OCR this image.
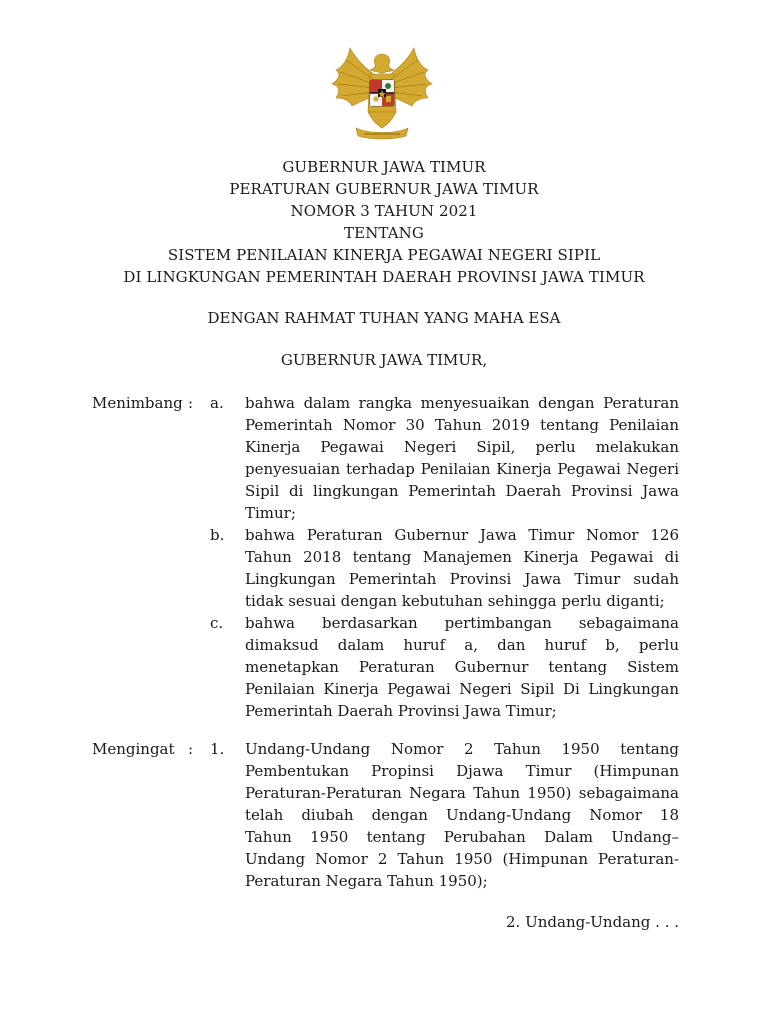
GUBERNUR JAWA TIMUR
PERATURAN GUBERNUR JAWA TIMUR
NOMOR 3 TAHUN 2021
TENTANG
SISTEM PENILAIAN KINERJA PEGAWAI NEGERI SIPIL
DI LINGKUNGAN PEMERINTAH DAERAH PROVINSI JAWA TIMUR
DENGAN RAHMAT TUHAN YANG MAHA ESA
GUBERNUR JAWA TIMUR,
Menimbang : a. bahwa dalam rangka menyesuaikan dengan Peraturan
Pemerintah Nomor 30 Tahun 2019 tentang Penilaian
Kinerja Pegawai Negeri Sipil, perlu melakukan
penyesuaian terhadap Penilaian Kinerja Pegawai Negeri
Sipil di lingkungan Pemerintah Daerah Provinsi Jawa
Timur;
b. bahwa Peraturan Gubernur Jawa Timur Nomor 126
Tahun 2018 tentang Manajemen Kinerja Pegawai di
Lingkungan Pemerintah Provinsi Jawa Timur sudah
tidak sesuai dengan kebutuhan sehingga perlu diganti;
c. bahwa berdasarkan pertimbangan sebagaimana
dimaksud dalam huruf a, dan huruf b, perlu
menetapkan Peraturan Gubernur tentang Sistem
Penilaian Kinerja Pegawai Negeri Sipil Di Lingkungan
Pemerintah Daerah Provinsi Jawa Timur;
Mengingat : 1. Undang-Undang Nomor 2 Tahun 1950 tentang
Pembentukan Propinsi Djawa Timur (Himpunan
Peraturan-Peraturan Negara Tahun 1950) sebagaimana
telah diubah dengan Undang-Undang Nomor 18
Tahun 1950 tentang Perubahan Dalam Undang–
Undang Nomor 2 Tahun 1950 (Himpunan Peraturan-
Peraturan Negara Tahun 1950);
2. Undang-Undang . . .
